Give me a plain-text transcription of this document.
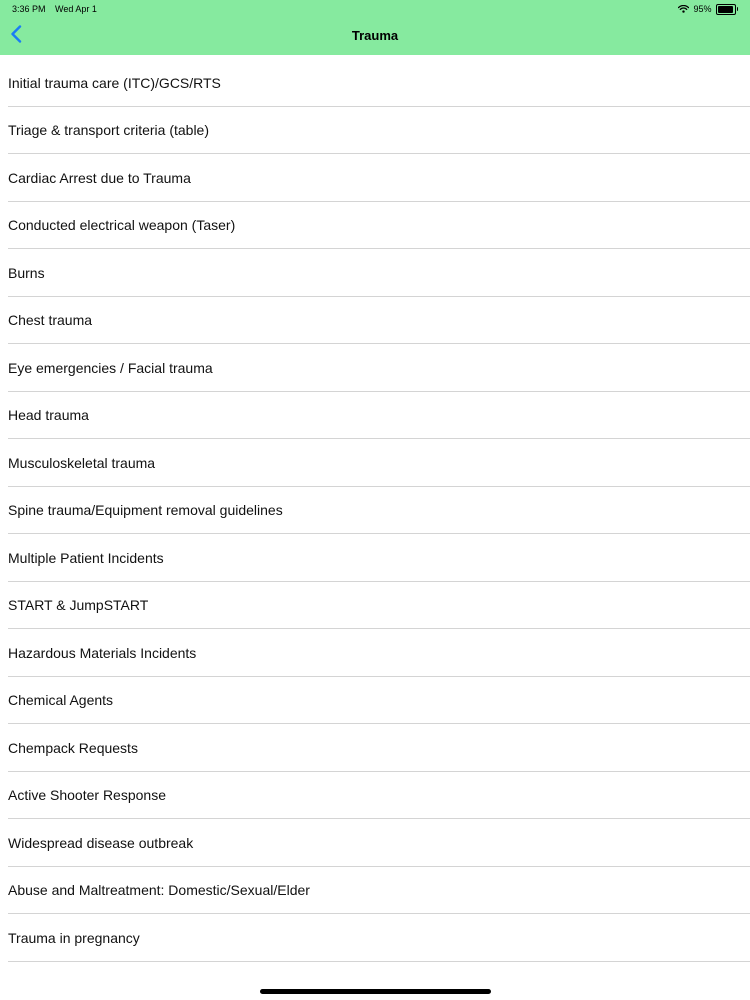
3:36 PM Wed Apr 1	95%
Trauma
Initial trauma care (ITC)/GCS/RTS
Triage & transport criteria (table)
Cardiac Arrest due to Trauma
Conducted electrical weapon (Taser)
Burns
Chest trauma
Eye emergencies / Facial trauma
Head trauma
Musculoskeletal trauma
Spine trauma/Equipment removal guidelines
Multiple Patient Incidents
START & JumpSTART
Hazardous Materials Incidents
Chemical Agents
Chempack Requests
Active Shooter Response
Widespread disease outbreak
Abuse and Maltreatment: Domestic/Sexual/Elder
Trauma in pregnancy
